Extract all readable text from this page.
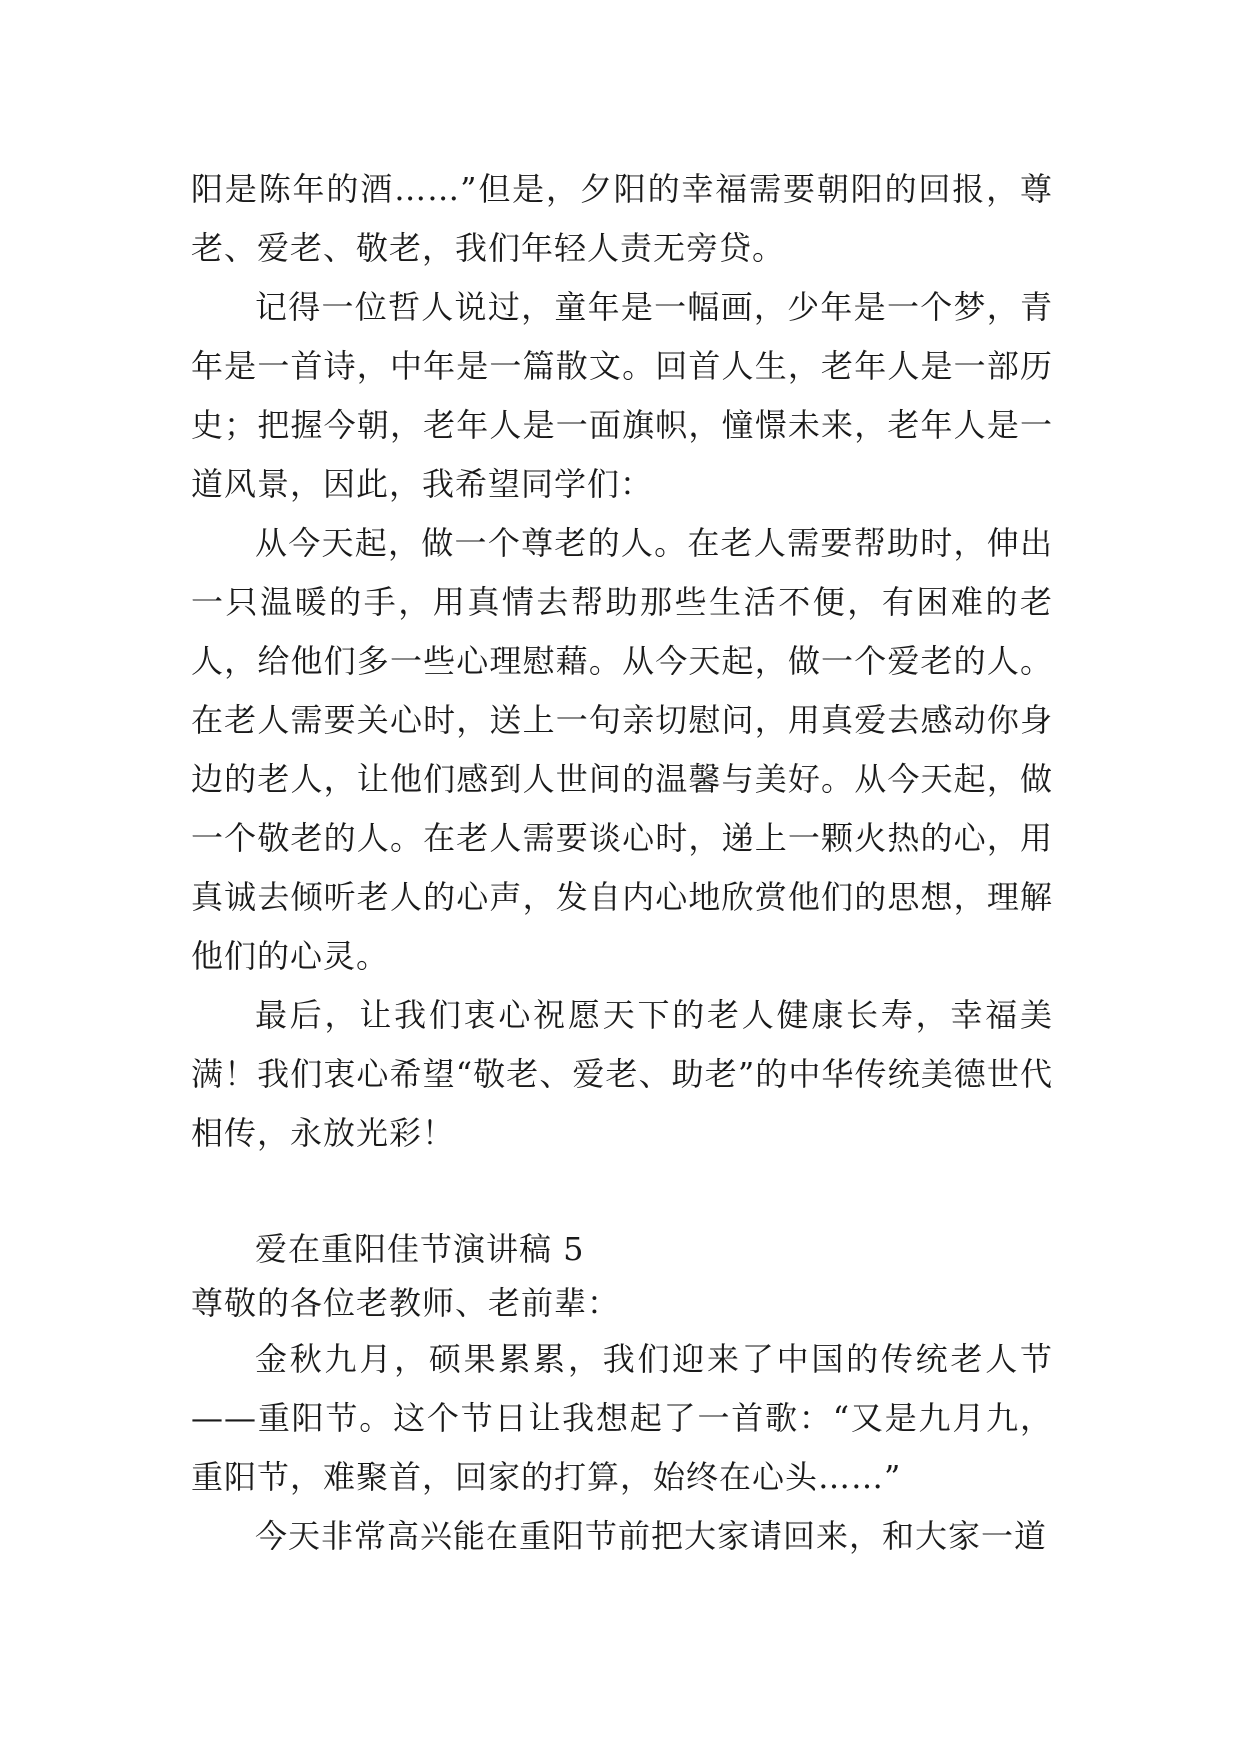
阳是陈年的酒……”但是，夕阳的幸福需要朝阳的回报，尊老、爱老、敬老，我们年轻人责无旁贷。

记得一位哲人说过，童年是一幅画，少年是一个梦，青年是一首诗，中年是一篇散文。回首人生，老年人是一部历史；把握今朝，老年人是一面旗帜，憧憬未来，老年人是一道风景，因此，我希望同学们：

从今天起，做一个尊老的人。在老人需要帮助时，伸出一只温暖的手，用真情去帮助那些生活不便，有困难的老人，给他们多一些心理慰藉。从今天起，做一个爱老的人。在老人需要关心时，送上一句亲切慰问，用真爱去感动你身边的老人，让他们感到人世间的温馨与美好。从今天起，做一个敬老的人。在老人需要谈心时，递上一颗火热的心，用真诚去倾听老人的心声，发自内心地欣赏他们的思想，理解他们的心灵。

最后，让我们衷心祝愿天下的老人健康长寿，幸福美满！我们衷心希望“敬老、爱老、助老”的中华传统美德世代相传，永放光彩！

爱在重阳佳节演讲稿 5

尊敬的各位老教师、老前辈：

金秋九月，硕果累累，我们迎来了中国的传统老人节——重阳节。这个节日让我想起了一首歌：“又是九月九，重阳节，难聚首，回家的打算，始终在心头……”

今天非常高兴能在重阳节前把大家请回来，和大家一道
